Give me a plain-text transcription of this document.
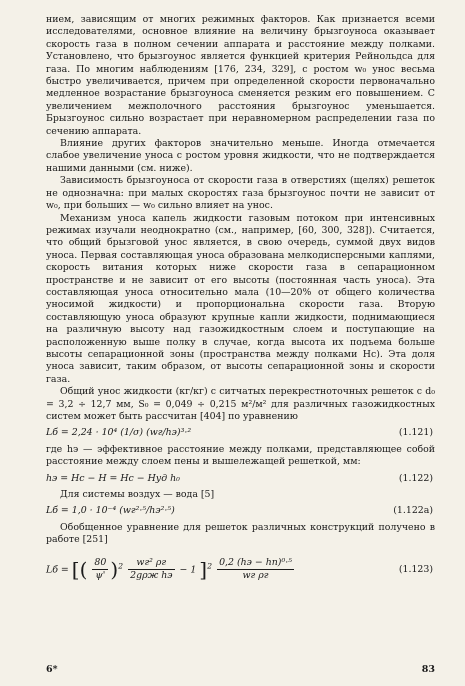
нием, зависящим от многих режимных факторов. Как признается всеми исследователями, основное влияние на величину брызгоуноса оказывает скорость газа в полном сечении аппарата и расстояние между полками. Установлено, что брызгоунос является функцией критерия Рейнольдса для газа. По многим наблюдениям [176, 234, 329], с ростом w₀ унос весьма быстро увеличивается, причем при определенной скорости первоначально медленное возрастание брызгоуноса сменяется резким его повышением. С увеличением межполочного расстояния брызгоунос уменьшается. Брызгоунос сильно возрастает при неравномерном распределении газа по сечению аппарата.

Влияние других факторов значительно меньше. Иногда отмечается слабое увеличение уноса с ростом уровня жидкости, что не подтверждается нашими данными (см. ниже).

Зависимость брызгоуноса от скорости газа в отверстиях (щелях) решеток не однозначна: при малых скоростях газа брызгоунос почти не зависит от w₀, при больших — w₀ сильно влияет на унос.

Механизм уноса капель жидкости газовым потоком при интенсивных режимах изучали неоднократно (см., например, [60, 300, 328]). Считается, что общий брызговой унос является, в свою очередь, суммой двух видов уноса. Первая составляющая уноса образована мелкодисперсными каплями, скорость витания которых ниже скорости газа в сепарационном пространстве и не зависит от его высоты (постоянная часть уноса). Эта составляющая уноса относительно мала (10—20% от общего количества уносимой жидкости) и пропорциональна скорости газа. Вторую составляющую уноса образуют крупные капли жидкости, поднимающиеся на различную высоту над газожидкостным слоем и поступающие на расположенную выше полку в случае, когда высота их подъема больше высоты сепарационной зоны (пространства между полками Hс). Эта доля уноса зависит, таким образом, от высоты сепарационной зоны и скорости газа.

Общий унос жидкости (кг/кг) с ситчатых перекрестноточных решеток с d₀ = 3,2 ÷ 12,7 мм, S₀ = 0,049 ÷ 0,215 м²/м² для различных газожидкостных систем может быть рассчитан [404] по уравнению

Lб = 2,24 · 10⁴ (1/σ) (wг/hэ)³·²	(1.121)

где hэ — эффективное расстояние между полками, представляющее собой расстояние между слоем пены и вышележащей решеткой, мм:

hэ = Hс − H = Hс − Hуд h₀	(1.122)

Для системы воздух — вода [5]

Lб = 1,0 · 10⁻⁴ (wг²·⁵/hэ²·⁵)	(1.122а)

Обобщенное уравнение для решеток различных конструкций получено в работе [251]

Lб = [( $\frac{80}{\psi'} )^2 \frac{\text{wг² ρг}}{\text{2gρж hэ}} - 1$ ]$^2 \frac{\text{0,2 (hэ − hп)⁰·⁵}}{\text{wг ρг}}$	(1.123)
6*	83
